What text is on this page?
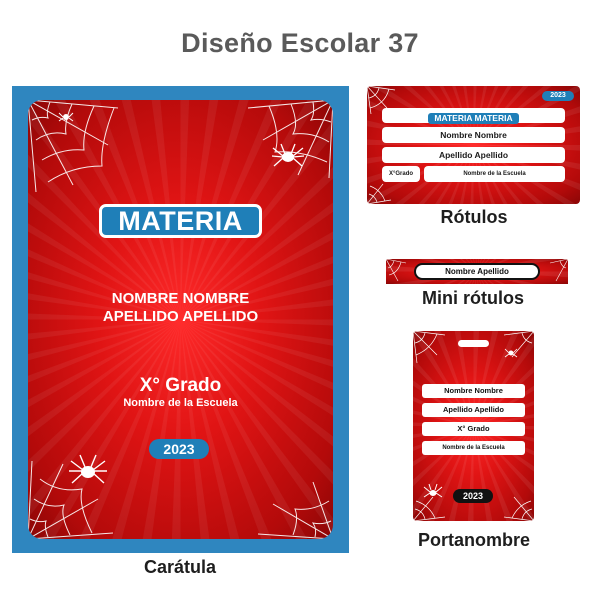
Diseño Escolar 37
MATERIA
NOMBRE NOMBRE
APELLIDO APELLIDO
X° Grado
Nombre de la Escuela
2023
Carátula
2023
MATERIA MATERIA
Nombre Nombre
Apellido Apellido
X°Grado	Nombre de la Escuela
Rótulos
Nombre Apellido
Mini rótulos
Nombre Nombre
Apellido Apellido
X° Grado
Nombre de la Escuela
2023
Portanombre
